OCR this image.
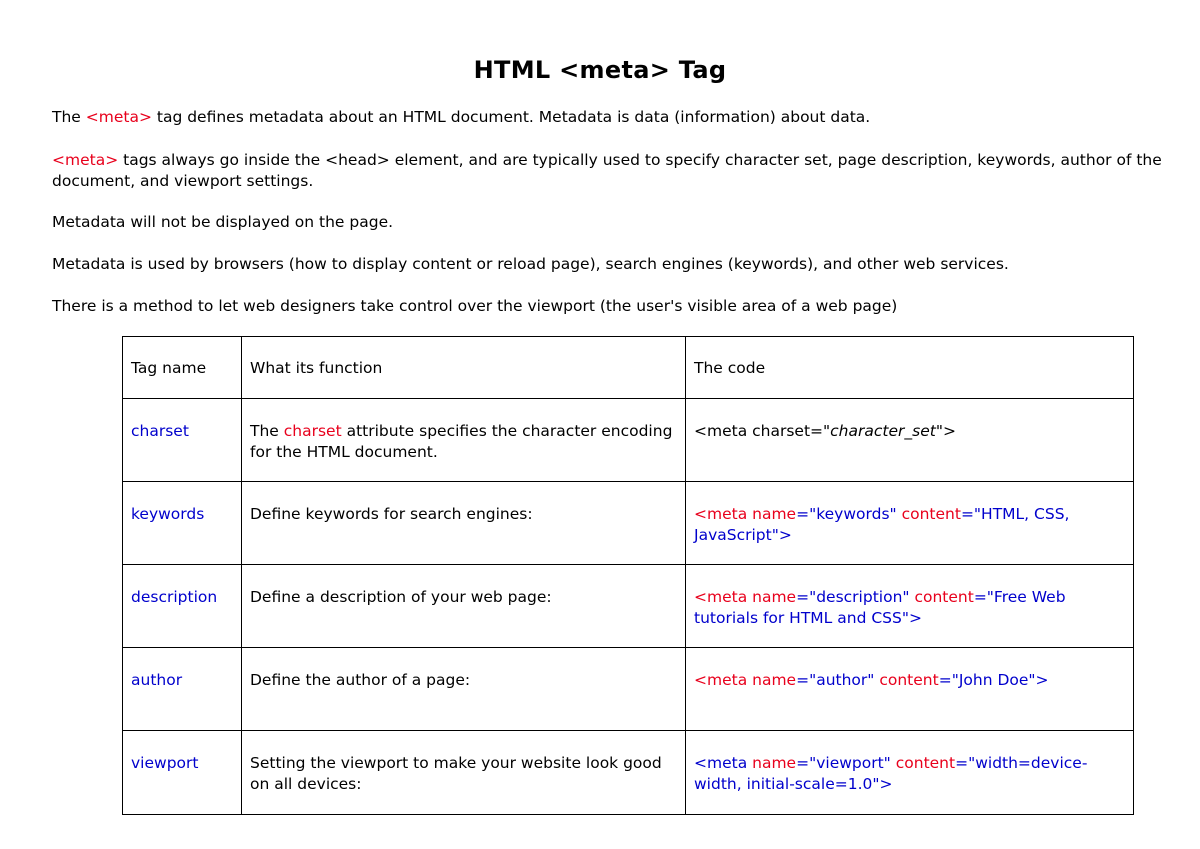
HTML <meta> Tag

The <meta> tag defines metadata about an HTML document. Metadata is data (information) about data.

<meta> tags always go inside the <head> element, and are typically used to specify character set, page description, keywords, author of the document, and viewport settings.

Metadata will not be displayed on the page.

Metadata is used by browsers (how to display content or reload page), search engines (keywords), and other web services.

There is a method to let web designers take control over the viewport (the user's visible area of a web page)

Tag name	What its function	The code
charset	The charset attribute specifies the character encoding for the HTML document.	<meta charset="character_set">
keywords	Define keywords for search engines:	<meta name="keywords" content="HTML, CSS, JavaScript">
description	Define a description of your web page:	<meta name="description" content="Free Web tutorials for HTML and CSS">
author	Define the author of a page:	<meta name="author" content="John Doe">
viewport	Setting the viewport to make your website look good on all devices:	<meta name="viewport" content="width=device-width, initial-scale=1.0">
